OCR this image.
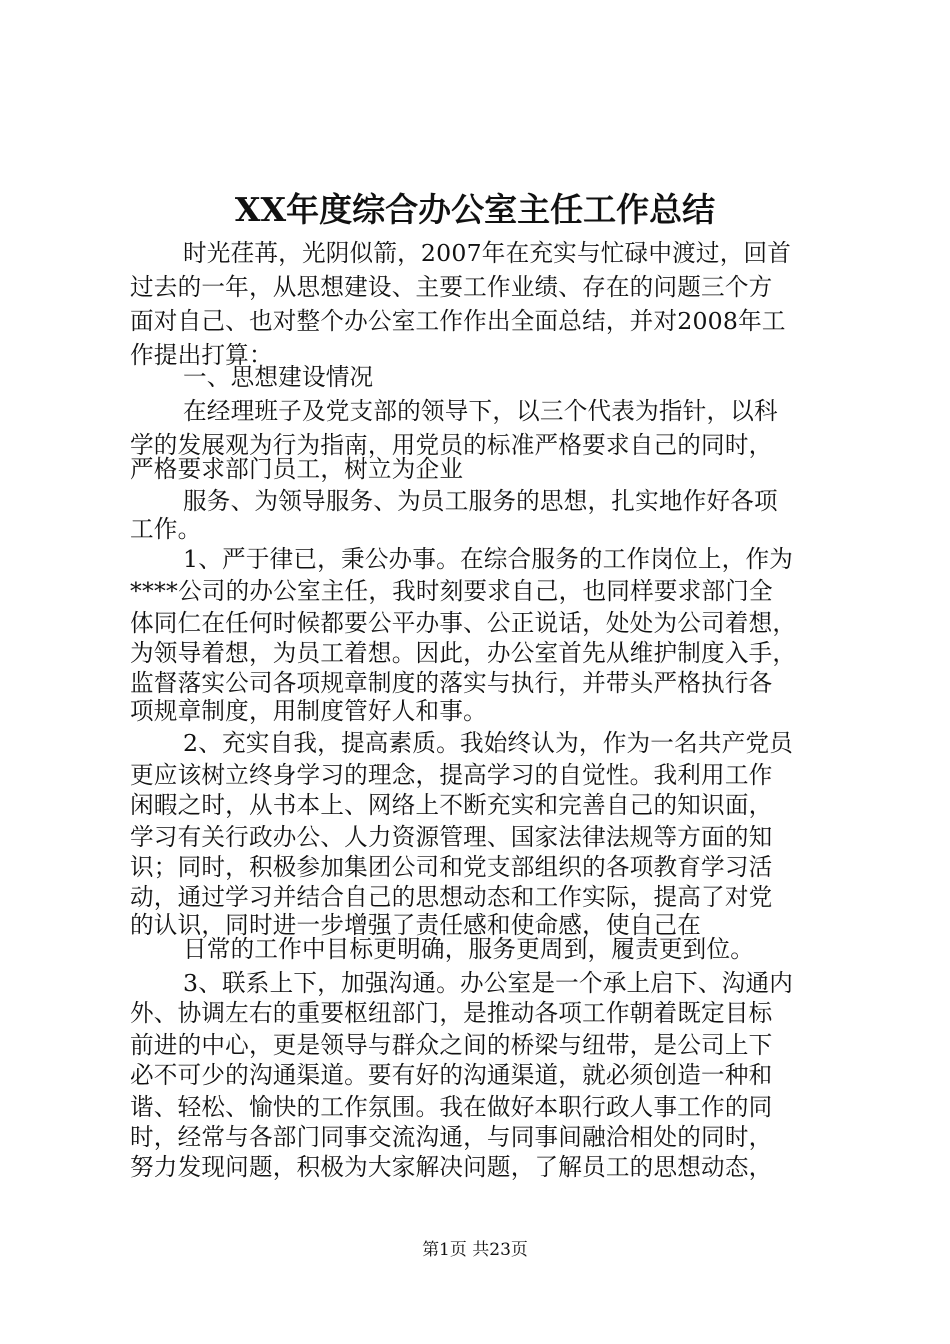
XX年度综合办公室主任工作总结
时光荏苒，光阴似箭，2007年在充实与忙碌中渡过，回首
过去的一年，从思想建设、主要工作业绩、存在的问题三个方
面对自己、也对整个办公室工作作出全面总结，并对2008年工
作提出打算：
一、思想建设情况
在经理班子及党支部的领导下，以三个代表为指针，以科
学的发展观为行为指南，用党员的标准严格要求自己的同时，
严格要求部门员工，树立为企业
服务、为领导服务、为员工服务的思想，扎实地作好各项
工作。
1、严于律已，秉公办事。在综合服务的工作岗位上，作为
****公司的办公室主任，我时刻要求自己，也同样要求部门全
体同仁在任何时候都要公平办事、公正说话，处处为公司着想，
为领导着想，为员工着想。因此，办公室首先从维护制度入手，
监督落实公司各项规章制度的落实与执行，并带头严格执行各
项规章制度，用制度管好人和事。
2、充实自我，提高素质。我始终认为，作为一名共产党员
更应该树立终身学习的理念，提高学习的自觉性。我利用工作
闲暇之时，从书本上、网络上不断充实和完善自己的知识面，
学习有关行政办公、人力资源管理、国家法律法规等方面的知
识；同时，积极参加集团公司和党支部组织的各项教育学习活
动，通过学习并结合自己的思想动态和工作实际，提高了对党
的认识，同时进一步增强了责任感和使命感，使自己在
日常的工作中目标更明确，服务更周到，履责更到位。
3、联系上下，加强沟通。办公室是一个承上启下、沟通内
外、协调左右的重要枢纽部门，是推动各项工作朝着既定目标
前进的中心，更是领导与群众之间的桥梁与纽带，是公司上下
必不可少的沟通渠道。要有好的沟通渠道，就必须创造一种和
谐、轻松、愉快的工作氛围。我在做好本职行政人事工作的同
时，经常与各部门同事交流沟通，与同事间融洽相处的同时，
努力发现问题，积极为大家解决问题，了解员工的思想动态，
第1页 共23页
